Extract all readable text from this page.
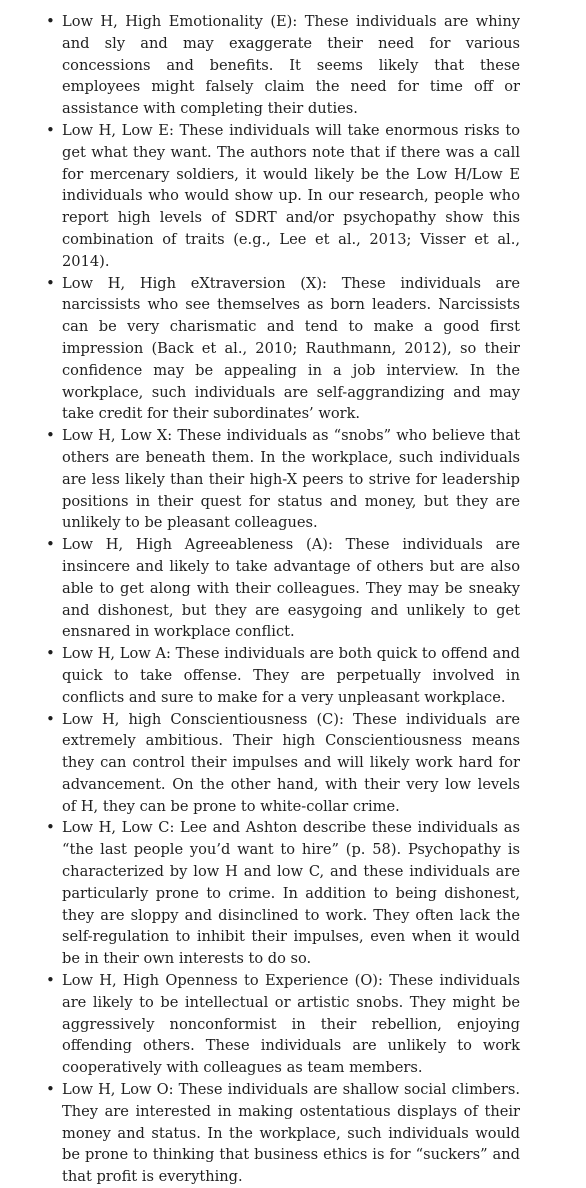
• Low H, High Emotionality (E): These individuals are whiny and sly and may exaggerate their need for various concessions and benefits. It seems likely that these employees might falsely claim the need for time off or assistance with completing their duties.
• Low H, Low E: These individuals will take enormous risks to get what they want. The authors note that if there was a call for mercenary soldiers, it would likely be the Low H/Low E individuals who would show up. In our research, people who report high levels of SDRT and/or psychopathy show this combination of traits (e.g., Lee et al., 2013; Visser et al., 2014).
• Low H, High eXtraversion (X): These individuals are narcissists who see themselves as born leaders. Narcissists can be very charismatic and tend to make a good first impression (Back et al., 2010; Rauthmann, 2012), so their confidence may be appealing in a job interview. In the workplace, such individuals are self-aggrandizing and may take credit for their subordinates’ work.
• Low H, Low X: These individuals as “snobs” who believe that others are beneath them. In the workplace, such individuals are less likely than their high-X peers to strive for leadership positions in their quest for status and money, but they are unlikely to be pleasant colleagues.
• Low H, High Agreeableness (A): These individuals are insincere and likely to take advantage of others but are also able to get along with their colleagues. They may be sneaky and dishonest, but they are easygoing and unlikely to get ensnared in workplace conflict.
• Low H, Low A: These individuals are both quick to offend and quick to take offense. They are perpetually involved in conflicts and sure to make for a very unpleasant workplace.
• Low H, high Conscientiousness (C): These individuals are extremely ambitious. Their high Conscientiousness means they can control their impulses and will likely work hard for advancement. On the other hand, with their very low levels of H, they can be prone to white-collar crime.
• Low H, Low C: Lee and Ashton describe these individuals as “the last people you’d want to hire” (p. 58). Psychopathy is characterized by low H and low C, and these individuals are particularly prone to crime. In addition to being dishonest, they are sloppy and disinclined to work. They often lack the self-regulation to inhibit their impulses, even when it would be in their own interests to do so.
• Low H, High Openness to Experience (O): These individuals are likely to be intellectual or artistic snobs. They might be aggressively nonconformist in their rebellion, enjoying offending others. These individuals are unlikely to work cooperatively with colleagues as team members.
• Low H, Low O: These individuals are shallow social climbers. They are interested in making ostentatious displays of their money and status. In the workplace, such individuals would be prone to thinking that business ethics is for “suckers” and that profit is everything.
